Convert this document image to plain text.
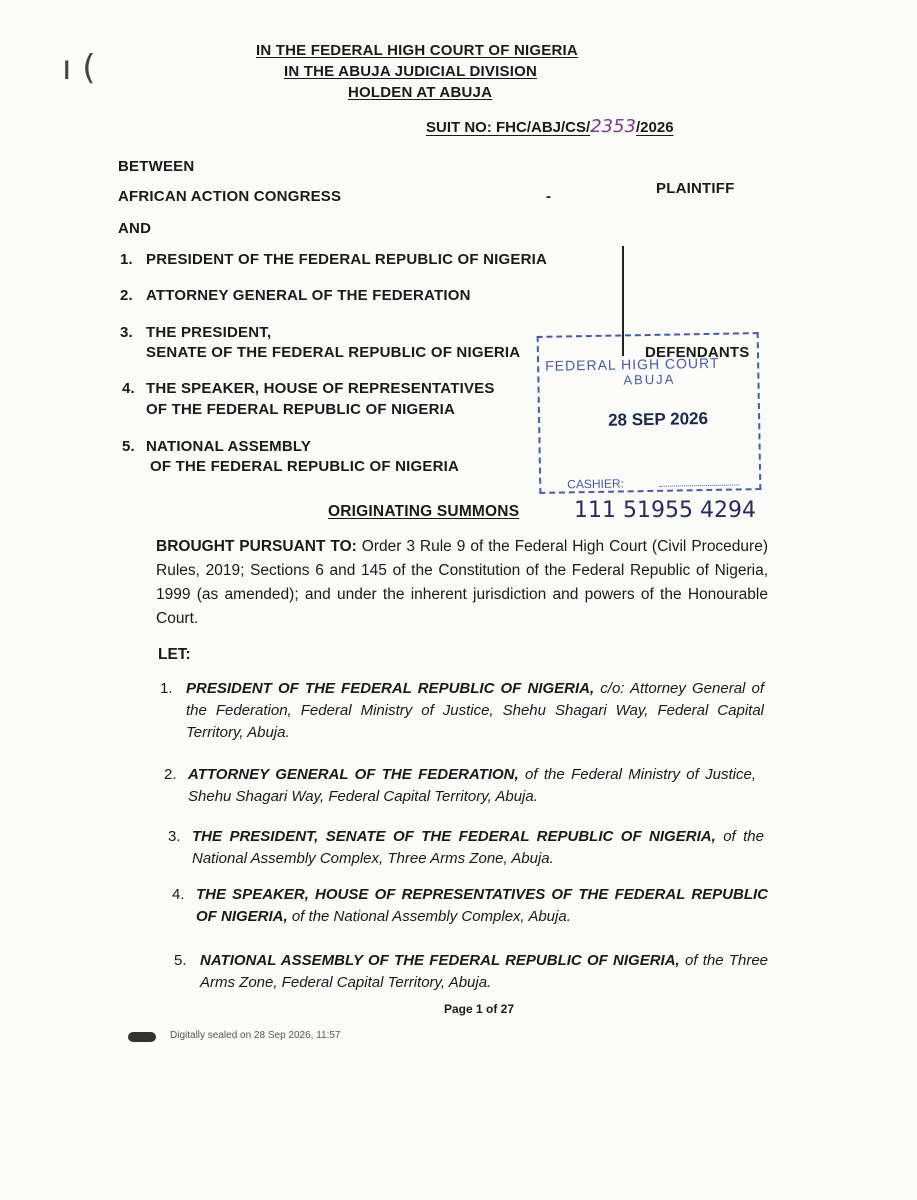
ı (	IN THE FEDERAL HIGH COURT OF NIGERIA
IN THE ABUJA JUDICIAL DIVISION
HOLDEN AT ABUJA
SUIT NO: FHC/ABJ/CS/2353/2026
BETWEEN
AFRICAN ACTION CONGRESS	-	PLAINTIFF
AND
1. PRESIDENT OF THE FEDERAL REPUBLIC OF NIGERIA
2. ATTORNEY GENERAL OF THE FEDERATION
3. THE PRESIDENT,
SENATE OF THE FEDERAL REPUBLIC OF NIGERIA	DEFENDANTS
4. THE SPEAKER, HOUSE OF REPRESENTATIVES
OF THE FEDERAL REPUBLIC OF NIGERIA
5. NATIONAL ASSEMBLY
OF THE FEDERAL REPUBLIC OF NIGERIA
FEDERAL HIGH COURT
ABUJA
28 SEP 2026
CASHIER:
ORIGINATING SUMMONS 111 51955 4294
BROUGHT PURSUANT TO: Order 3 Rule 9 of the Federal High Court (Civil Procedure) Rules, 2019; Sections 6 and 145 of the Constitution of the Federal Republic of Nigeria, 1999 (as amended); and under the inherent jurisdiction and powers of the Honourable Court.
LET:
1. PRESIDENT OF THE FEDERAL REPUBLIC OF NIGERIA, c/o: Attorney General of the Federation, Federal Ministry of Justice, Shehu Shagari Way, Federal Capital Territory, Abuja.
2. ATTORNEY GENERAL OF THE FEDERATION, of the Federal Ministry of Justice, Shehu Shagari Way, Federal Capital Territory, Abuja.
3. THE PRESIDENT, SENATE OF THE FEDERAL REPUBLIC OF NIGERIA, of the National Assembly Complex, Three Arms Zone, Abuja.
4. THE SPEAKER, HOUSE OF REPRESENTATIVES OF THE FEDERAL REPUBLIC OF NIGERIA, of the National Assembly Complex, Abuja.
5. NATIONAL ASSEMBLY OF THE FEDERAL REPUBLIC OF NIGERIA, of the Three Arms Zone, Federal Capital Territory, Abuja.
Page 1 of 27
Digitally sealed on 28 Sep 2026, 11:57
